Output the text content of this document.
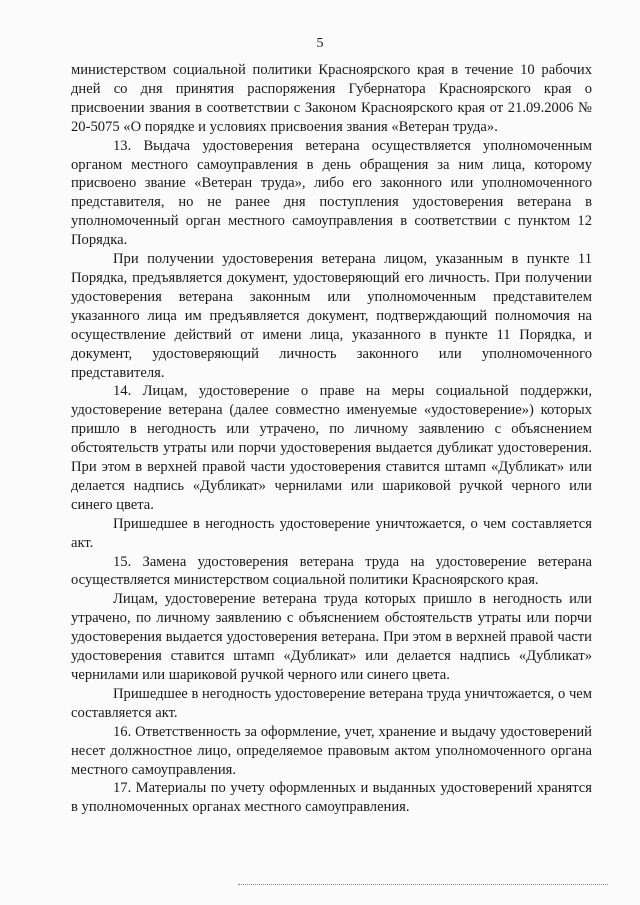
5

министерством социальной политики Красноярского края в течение 10 рабочих дней со дня принятия распоряжения Губернатора Красноярского края о присвоении звания в соответствии с Законом Красноярского края от 21.09.2006 № 20-5075 «О порядке и условиях присвоения звания «Ветеран труда».

13. Выдача удостоверения ветерана осуществляется уполномоченным органом местного самоуправления в день обращения за ним лица, которому присвоено звание «Ветеран труда», либо его законного или уполномоченного представителя, но не ранее дня поступления удостоверения ветерана в уполномоченный орган местного самоуправления в соответствии с пунктом 12 Порядка.

При получении удостоверения ветерана лицом, указанным в пункте 11 Порядка, предъявляется документ, удостоверяющий его личность. При получении удостоверения ветерана законным или уполномоченным представителем указанного лица им предъявляется документ, подтверждающий полномочия на осуществление действий от имени лица, указанного в пункте 11 Порядка, и документ, удостоверяющий личность законного или уполномоченного представителя.

14. Лицам, удостоверение о праве на меры социальной поддержки, удостоверение ветерана (далее совместно именуемые «удостоверение») которых пришло в негодность или утрачено, по личному заявлению с объяснением обстоятельств утраты или порчи удостоверения выдается дубликат удостоверения. При этом в верхней правой части удостоверения ставится штамп «Дубликат» или делается надпись «Дубликат» чернилами или шариковой ручкой черного или синего цвета.

Пришедшее в негодность удостоверение уничтожается, о чем составляется акт.

15. Замена удостоверения ветерана труда на удостоверение ветерана осуществляется министерством социальной политики Красноярского края.

Лицам, удостоверение ветерана труда которых пришло в негодность или утрачено, по личному заявлению с объяснением обстоятельств утраты или порчи удостоверения выдается удостоверения ветерана. При этом в верхней правой части удостоверения ставится штамп «Дубликат» или делается надпись «Дубликат» чернилами или шариковой ручкой черного или синего цвета.

Пришедшее в негодность удостоверение ветерана труда уничтожается, о чем составляется акт.

16. Ответственность за оформление, учет, хранение и выдачу удостоверений несет должностное лицо, определяемое правовым актом уполномоченного органа местного самоуправления.

17. Материалы по учету оформленных и выданных удостоверений хранятся в уполномоченных органах местного самоуправления.
